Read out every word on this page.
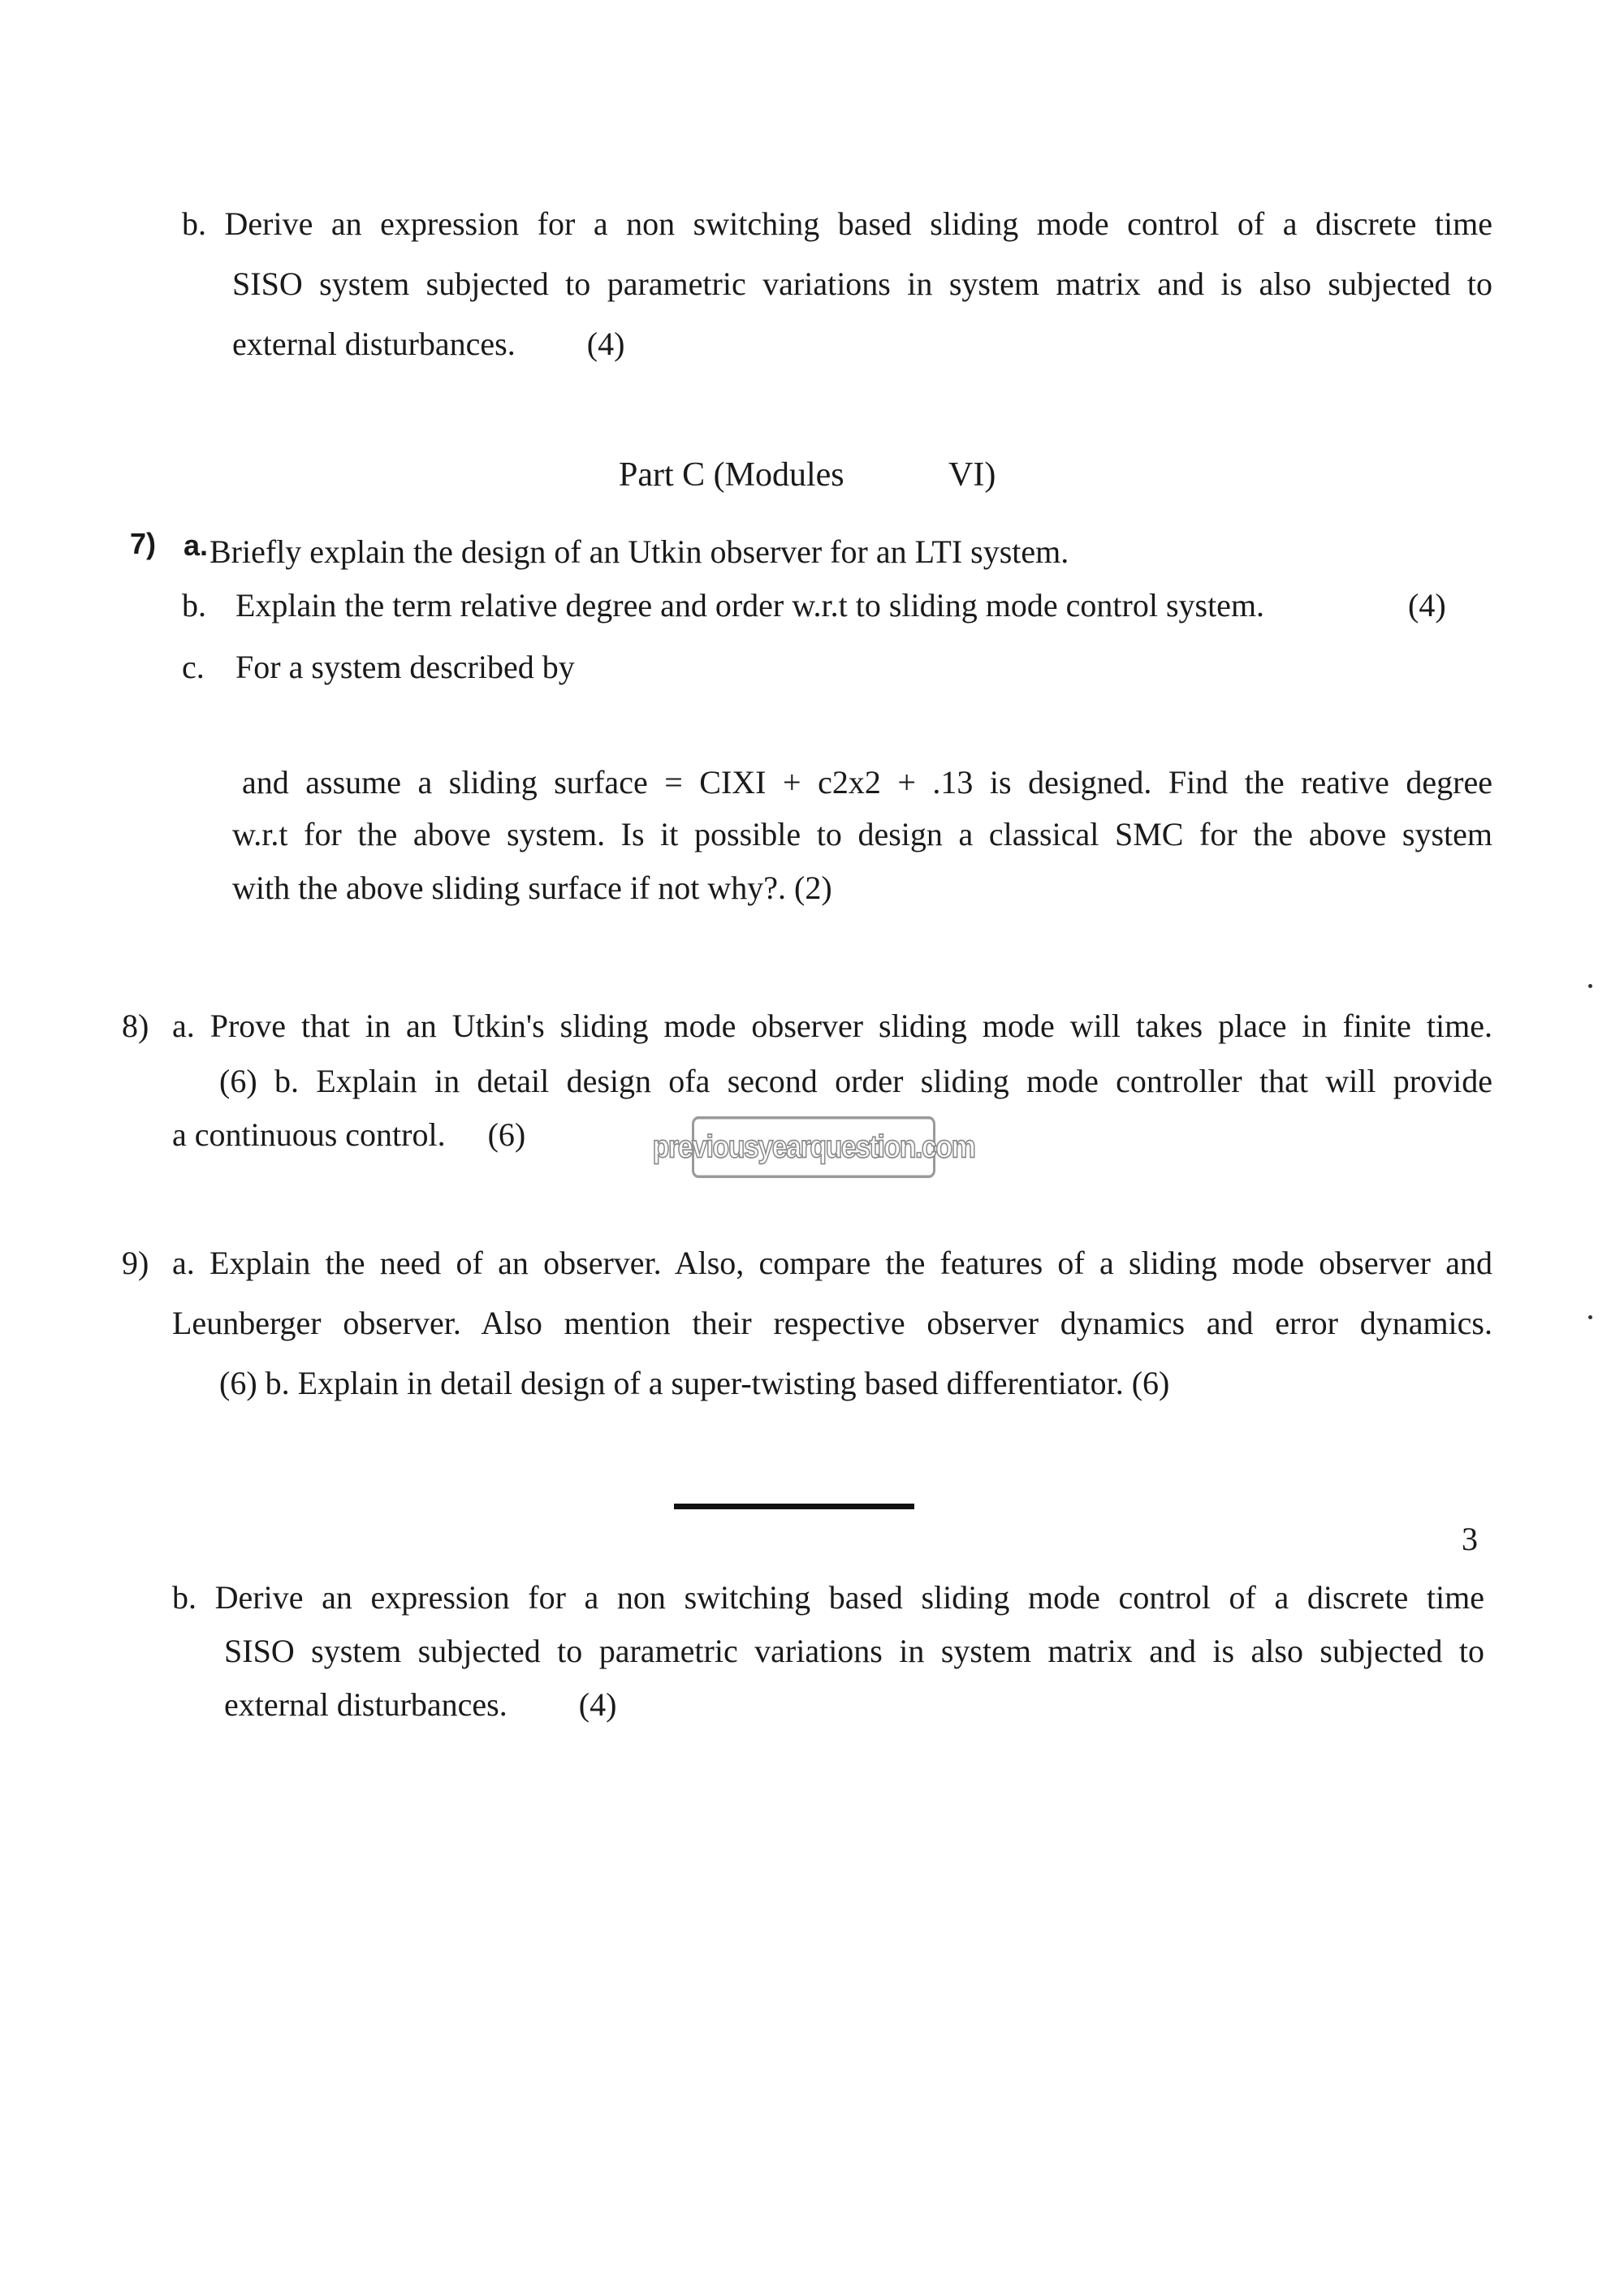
b. Derive an expression for a non switching based sliding mode control of a discrete time
SISO system subjected to parametric variations in system matrix and is also subjected to
external disturbances. (4)
Part C (Modules	VI)
7) a. Briefly explain the design of an Utkin observer for an LTI system.
b. Explain the term relative degree and order w.r.t to sliding mode control system.	(4)
c. For a system described by
and assume a sliding surface = CIXI + c2x2 + .13 is designed. Find the reative degree
w.r.t for the above system. Is it possible to design a classical SMC for the above system
with the above sliding surface if not why?. (2)
8) a. Prove that in an Utkin's sliding mode observer sliding mode will takes place in finite time.
(6) b. Explain in detail design ofa second order sliding mode controller that will provide
a continuous control. (6)	previousyearquestion.com
9) a. Explain the need of an observer. Also, compare the features of a sliding mode observer and
Leunberger observer. Also mention their respective observer dynamics and error dynamics.
(6) b. Explain in detail design of a super-twisting based differentiator. (6)
3
b. Derive an expression for a non switching based sliding mode control of a discrete time
SISO system subjected to parametric variations in system matrix and is also subjected to
external disturbances. (4)
